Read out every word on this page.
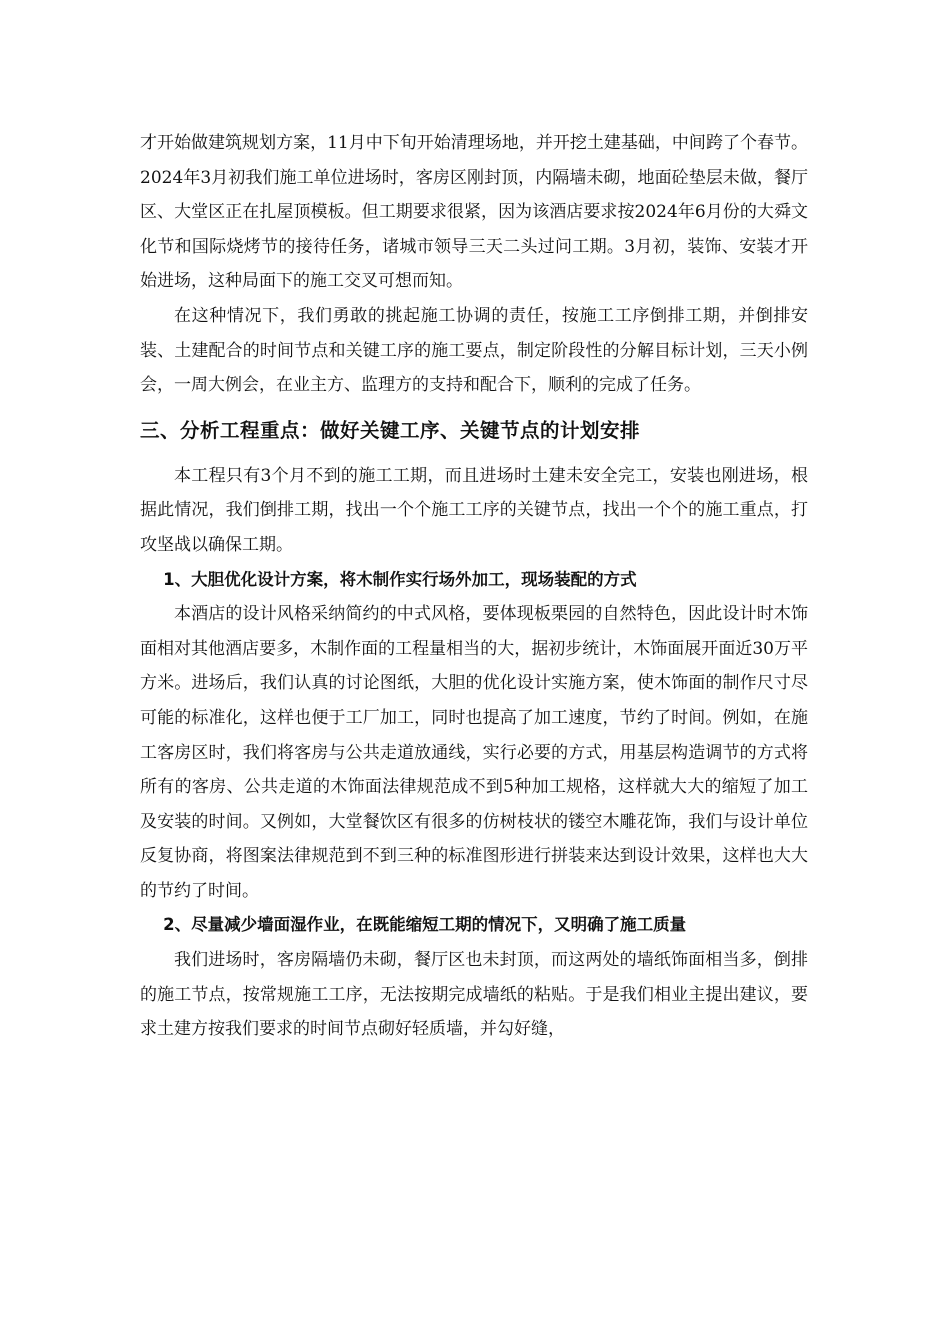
才开始做建筑规划方案，11月中下旬开始清理场地，并开挖土建基础，中间跨了个春节。2024年3月初我们施工单位进场时，客房区刚封顶，内隔墙未砌，地面砼垫层未做，餐厅区、大堂区正在扎屋顶模板。但工期要求很紧，因为该酒店要求按2024年6月份的大舜文化节和国际烧烤节的接待任务，诸城市领导三天二头过问工期。3月初，装饰、安装才开始进场，这种局面下的施工交叉可想而知。

在这种情况下，我们勇敢的挑起施工协调的责任，按施工工序倒排工期，并倒排安装、土建配合的时间节点和关键工序的施工要点，制定阶段性的分解目标计划，三天小例会，一周大例会，在业主方、监理方的支持和配合下，顺利的完成了任务。

三、分析工程重点：做好关键工序、关键节点的计划安排

本工程只有3个月不到的施工工期，而且进场时土建未安全完工，安装也刚进场，根据此情况，我们倒排工期，找出一个个施工工序的关键节点，找出一个个的施工重点，打攻坚战以确保工期。

1、大胆优化设计方案，将木制作实行场外加工，现场装配的方式

本酒店的设计风格采纳简约的中式风格，要体现板栗园的自然特色，因此设计时木饰面相对其他酒店要多，木制作面的工程量相当的大，据初步统计，木饰面展开面近30万平方米。进场后，我们认真的讨论图纸，大胆的优化设计实施方案，使木饰面的制作尺寸尽可能的标准化，这样也便于工厂加工，同时也提高了加工速度，节约了时间。例如，在施工客房区时，我们将客房与公共走道放通线，实行必要的方式，用基层构造调节的方式将所有的客房、公共走道的木饰面法律规范成不到5种加工规格，这样就大大的缩短了加工及安装的时间。又例如，大堂餐饮区有很多的仿树枝状的镂空木雕花饰，我们与设计单位反复协商，将图案法律规范到不到三种的标准图形进行拼装来达到设计效果，这样也大大的节约了时间。

2、尽量减少墙面湿作业，在既能缩短工期的情况下，又明确了施工质量

我们进场时，客房隔墙仍未砌，餐厅区也未封顶，而这两处的墙纸饰面相当多，倒排的施工节点，按常规施工工序，无法按期完成墙纸的粘贴。于是我们相业主提出建议，要求土建方按我们要求的时间节点砌好轻质墙，并勾好缝，
